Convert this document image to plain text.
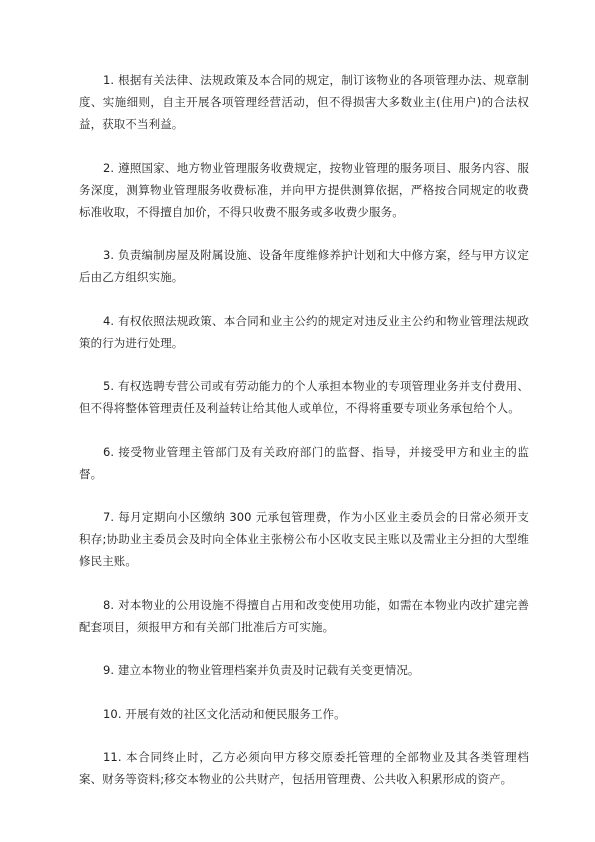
1. 根据有关法律、法规政策及本合同的规定，制订该物业的各项管理办法、规章制度、实施细则，自主开展各项管理经营活动，但不得损害大多数业主(住用户)的合法权益，获取不当利益。

2. 遵照国家、地方物业管理服务收费规定，按物业管理的服务项目、服务内容、服务深度，测算物业管理服务收费标准，并向甲方提供测算依据，严格按合同规定的收费标准收取，不得擅自加价，不得只收费不服务或多收费少服务。

3. 负责编制房屋及附属设施、设备年度维修养护计划和大中修方案，经与甲方议定后由乙方组织实施。

4. 有权依照法规政策、本合同和业主公约的规定对违反业主公约和物业管理法规政策的行为进行处理。

5. 有权选聘专营公司或有劳动能力的个人承担本物业的专项管理业务并支付费用、但不得将整体管理责任及利益转让给其他人或单位，不得将重要专项业务承包给个人。

6. 接受物业管理主管部门及有关政府部门的监督、指导，并接受甲方和业主的监督。

7. 每月定期向小区缴纳 300 元承包管理费，作为小区业主委员会的日常必须开支积存;协助业主委员会及时向全体业主张榜公布小区收支民主账以及需业主分担的大型维修民主账。

8. 对本物业的公用设施不得擅自占用和改变使用功能，如需在本物业内改扩建完善配套项目，须报甲方和有关部门批准后方可实施。

9. 建立本物业的物业管理档案并负责及时记载有关变更情况。

10. 开展有效的社区文化活动和便民服务工作。

11. 本合同终止时，乙方必须向甲方移交原委托管理的全部物业及其各类管理档案、财务等资料;移交本物业的公共财产，包括用管理费、公共收入积累形成的资产。
